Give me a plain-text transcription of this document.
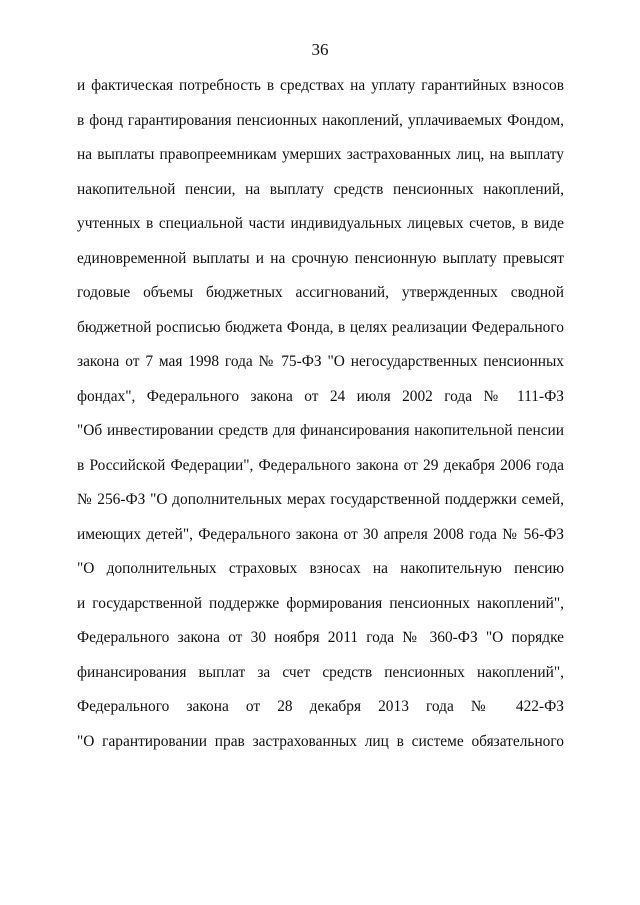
36
и фактическая потребность в средствах на уплату гарантийных взносов
в фонд гарантирования пенсионных накоплений, уплачиваемых Фондом,
на выплаты правопреемникам умерших застрахованных лиц, на выплату
накопительной пенсии, на выплату средств пенсионных накоплений,
учтенных в специальной части индивидуальных лицевых счетов, в виде
единовременной выплаты и на срочную пенсионную выплату превысят
годовые объемы бюджетных ассигнований, утвержденных сводной
бюджетной росписью бюджета Фонда, в целях реализации Федерального
закона от 7 мая 1998 года № 75-ФЗ "О негосударственных пенсионных
фондах", Федерального закона от 24 июля 2002 года № 111-ФЗ
"Об инвестировании средств для финансирования накопительной пенсии
в Российской Федерации", Федерального закона от 29 декабря 2006 года
№ 256-ФЗ "О дополнительных мерах государственной поддержки семей,
имеющих детей", Федерального закона от 30 апреля 2008 года № 56-ФЗ
"О дополнительных страховых взносах на накопительную пенсию
и государственной поддержке формирования пенсионных накоплений",
Федерального закона от 30 ноября 2011 года № 360-ФЗ "О порядке
финансирования выплат за счет средств пенсионных накоплений",
Федерального закона от 28 декабря 2013 года № 422-ФЗ
"О гарантировании прав застрахованных лиц в системе обязательного
